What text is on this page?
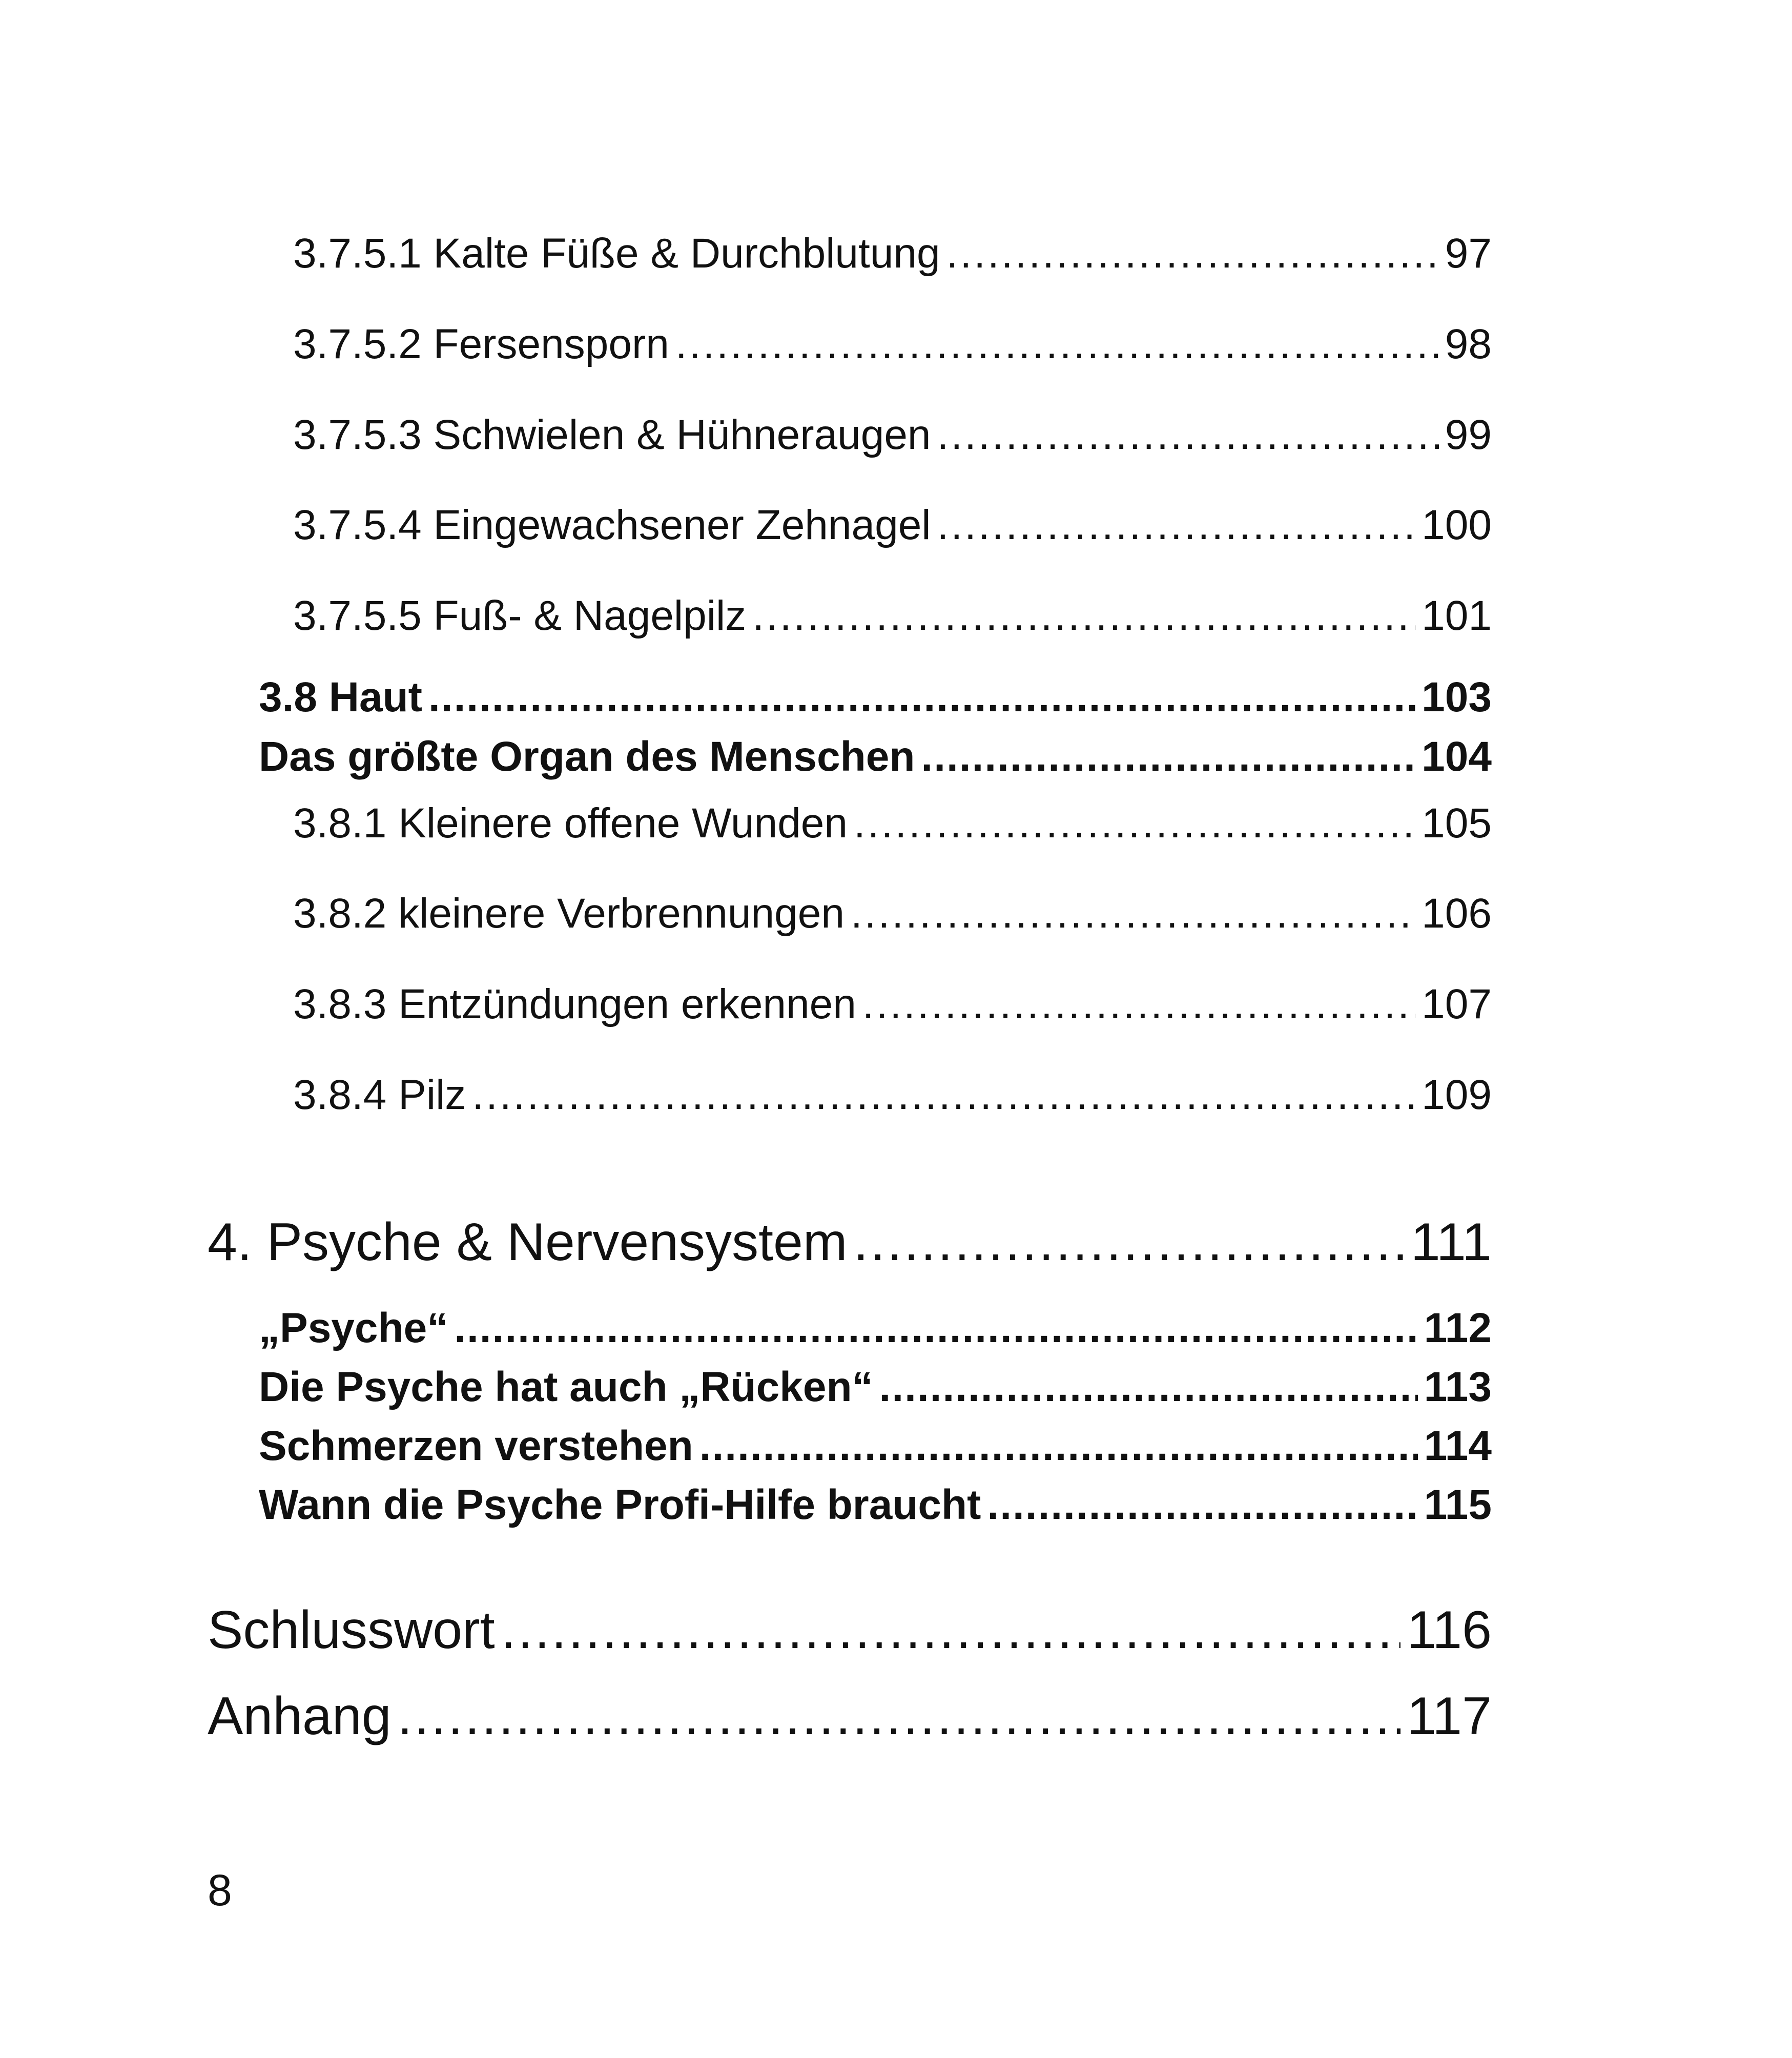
3.7.5.1 Kalte Füße & Durchblutung .....	97
3.7.5.2 Fersensporn .....	98
3.7.5.3 Schwielen & Hühneraugen .....	99
3.7.5.4 Eingewachsener Zehnagel .....	100
3.7.5.5 Fuß- & Nagelpilz .....	101
3.8 Haut .....	103
Das größte Organ des Menschen .....	104
3.8.1 Kleinere offene Wunden .....	105
3.8.2 kleinere Verbrennungen .....	106
3.8.3 Entzündungen erkennen .....	107
3.8.4 Pilz .....	109
4. Psyche & Nervensystem .....	111
„Psyche“ .....	112
Die Psyche hat auch „Rücken“ .....	113
Schmerzen verstehen .....	114
Wann die Psyche Profi-Hilfe braucht .....	115
Schlusswort .....	116
Anhang .....	117
8
